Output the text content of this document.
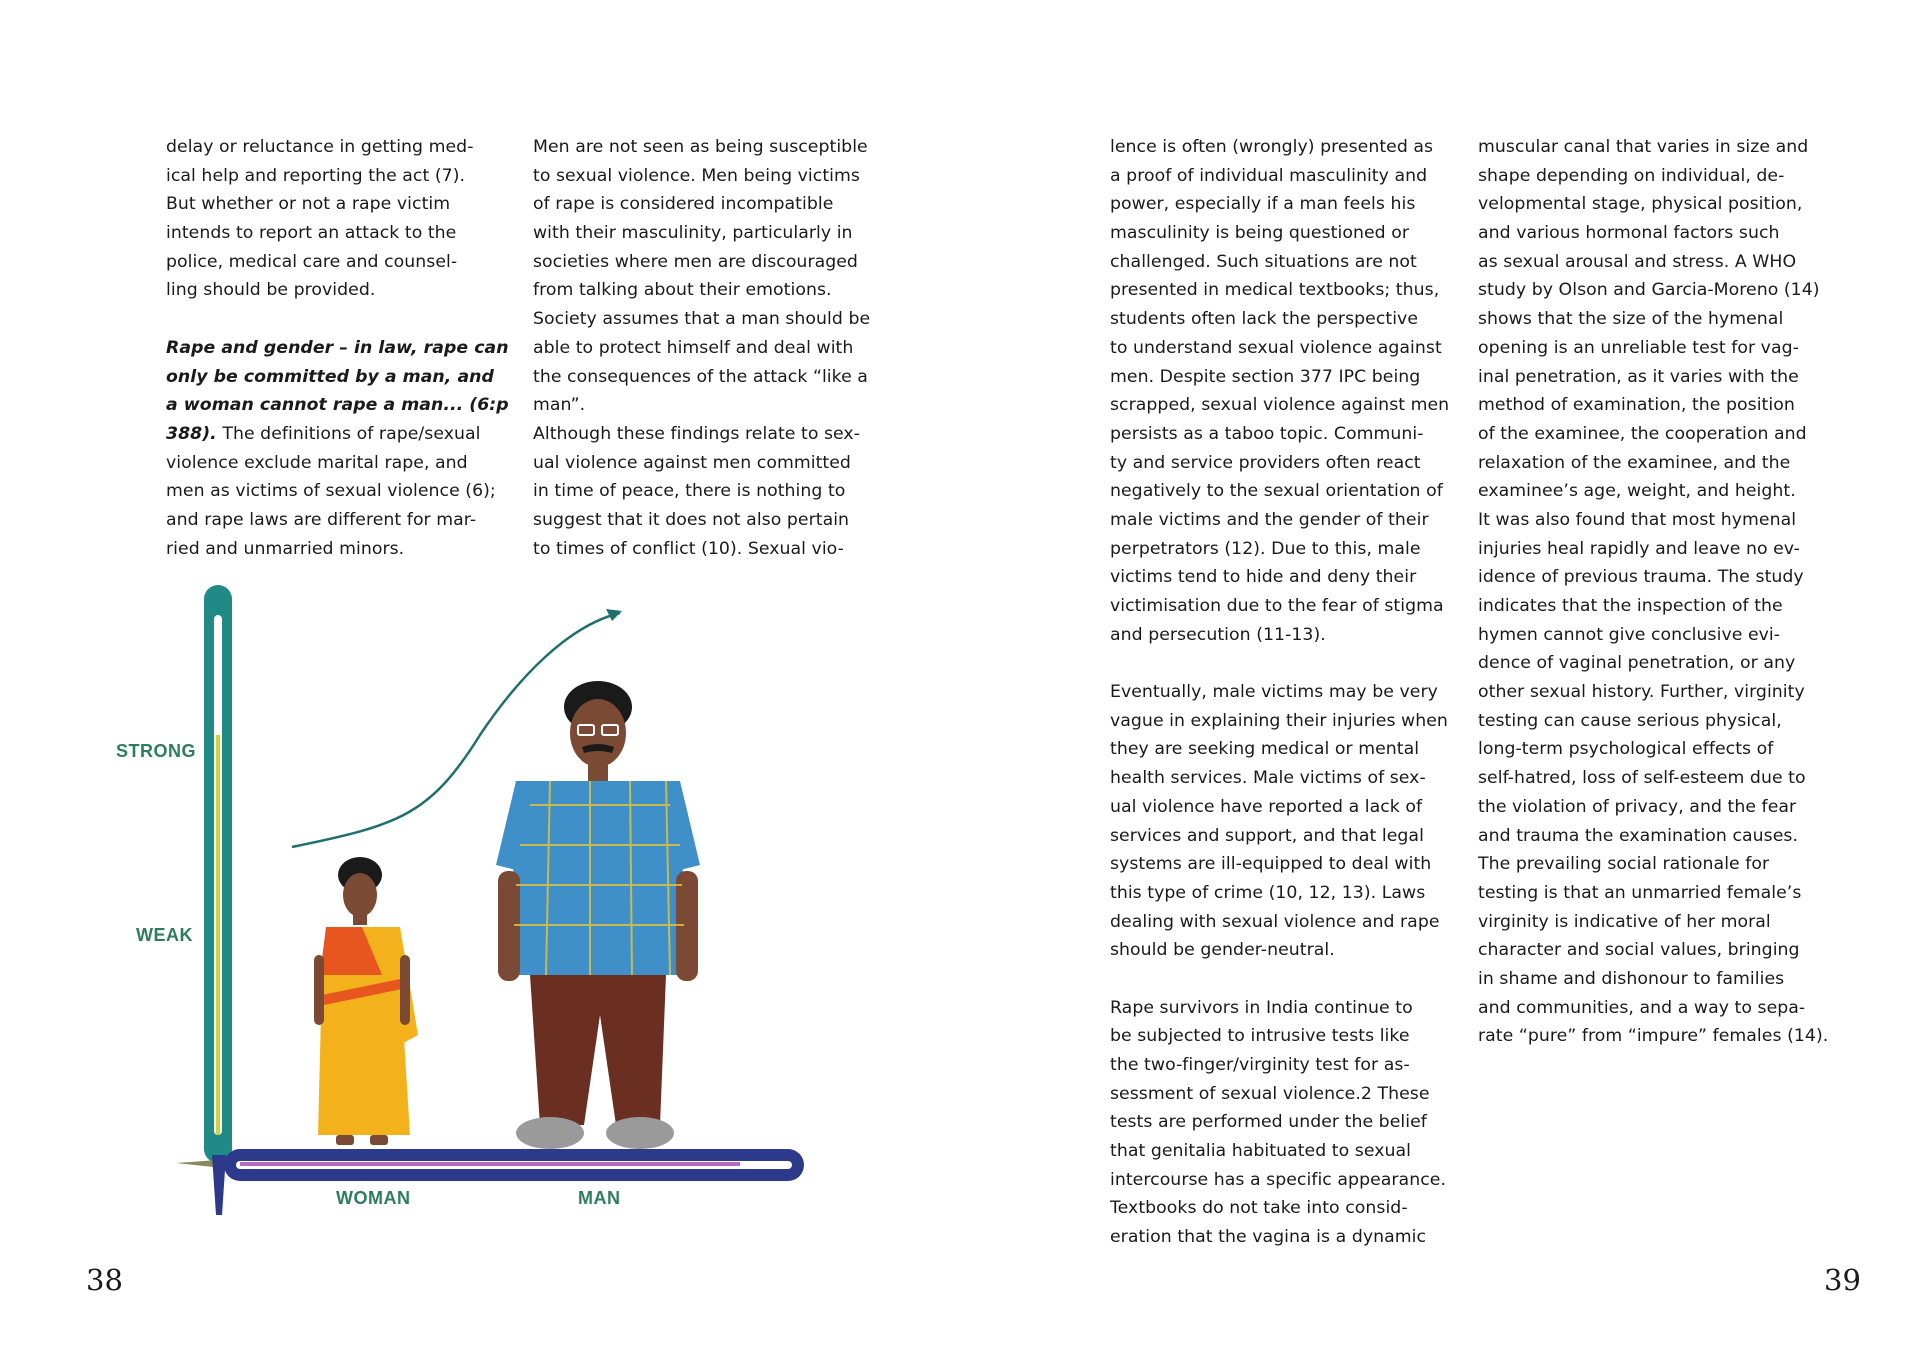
delay or reluctance in getting med-
ical help and reporting the act (7).
But whether or not a rape victim
intends to report an attack to the
police, medical care and counsel-
ling should be provided.
Rape and gender – in law, rape can
only be committed by a man, and
a woman cannot rape a man... (6:p
388). The definitions of rape/sexual
violence exclude marital rape, and
men as victims of sexual violence (6);
and rape laws are different for mar-
ried and unmarried minors.
Men are not seen as being susceptible
to sexual violence. Men being victims
of rape is considered incompatible
with their masculinity, particularly in
societies where men are discouraged
from talking about their emotions.
Society assumes that a man should be
able to protect himself and deal with
the consequences of the attack “like a
man”.
Although these findings relate to sex-
ual violence against men committed
in time of peace, there is nothing to
suggest that it does not also pertain
to times of conflict (10). Sexual vio-
lence is often (wrongly) presented as
a proof of individual masculinity and
power, especially if a man feels his
masculinity is being questioned or
challenged. Such situations are not
presented in medical textbooks; thus,
students often lack the perspective
to understand sexual violence against
men. Despite section 377 IPC being
scrapped, sexual violence against men
persists as a taboo topic. Communi-
ty and service providers often react
negatively to the sexual orientation of
male victims and the gender of their
perpetrators (12). Due to this, male
victims tend to hide and deny their
victimisation due to the fear of stigma
and persecution (11-13).
Eventually, male victims may be very
vague in explaining their injuries when
they are seeking medical or mental
health services. Male victims of sex-
ual violence have reported a lack of
services and support, and that legal
systems are ill-equipped to deal with
this type of crime (10, 12, 13). Laws
dealing with sexual violence and rape
should be gender-neutral.
Rape survivors in India continue to
be subjected to intrusive tests like
the two-finger/virginity test for as-
sessment of sexual violence.2 These
tests are performed under the belief
that genitalia habituated to sexual
intercourse has a specific appearance.
Textbooks do not take into consid-
eration that the vagina is a dynamic
muscular canal that varies in size and
shape depending on individual, de-
velopmental stage, physical position,
and various hormonal factors such
as sexual arousal and stress. A WHO
study by Olson and Garcia-Moreno (14)
shows that the size of the hymenal
opening is an unreliable test for vag-
inal penetration, as it varies with the
method of examination, the position
of the examinee, the cooperation and
relaxation of the examinee, and the
examinee’s age, weight, and height.
It was also found that most hymenal
injuries heal rapidly and leave no ev-
idence of previous trauma. The study
indicates that the inspection of the
hymen cannot give conclusive evi-
dence of vaginal penetration, or any
other sexual history. Further, virginity
testing can cause serious physical,
long-term psychological effects of
self-hatred, loss of self-esteem due to
the violation of privacy, and the fear
and trauma the examination causes.
The prevailing social rationale for
testing is that an unmarried female’s
virginity is indicative of her moral
character and social values, bringing
in shame and dishonour to families
and communities, and a way to sepa-
rate “pure” from “impure” females (14).
STRONG
WEAK
WOMAN	MAN
38	39
